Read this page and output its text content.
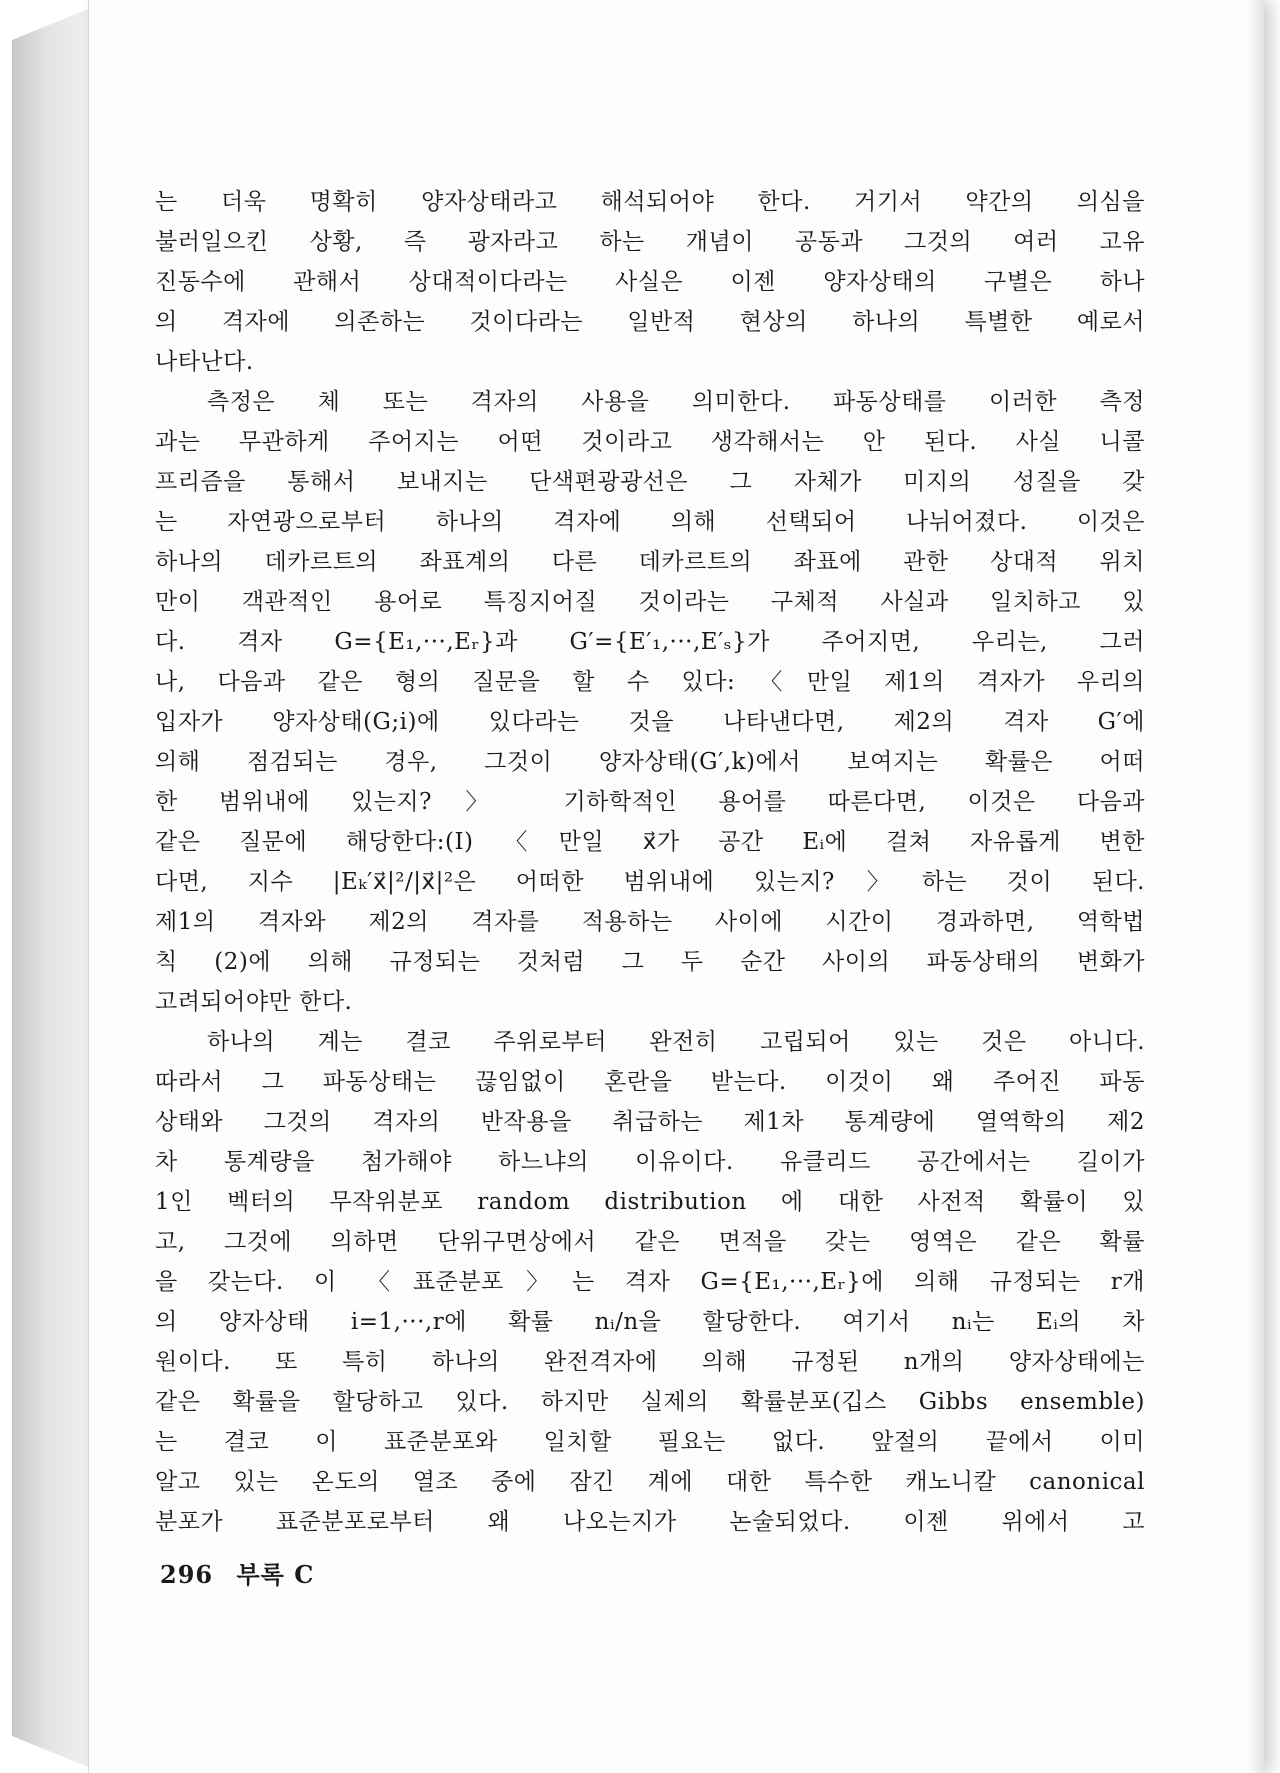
는 더욱 명확히 양자상태라고 해석되어야 한다. 거기서 약간의 의심을
불러일으킨 상황, 즉 광자라고 하는 개념이 공동과 그것의 여러 고유
진동수에 관해서 상대적이다라는 사실은 이젠 양자상태의 구별은 하나
의 격자에 의존하는 것이다라는 일반적 현상의 하나의 특별한 예로서
나타난다.
측정은 체 또는 격자의 사용을 의미한다. 파동상태를 이러한 측정
과는 무관하게 주어지는 어떤 것이라고 생각해서는 안 된다. 사실 니콜
프리즘을 통해서 보내지는 단색편광광선은 그 자체가 미지의 성질을 갖
는 자연광으로부터 하나의 격자에 의해 선택되어 나뉘어졌다. 이것은
하나의 데카르트의 좌표계의 다른 데카르트의 좌표에 관한 상대적 위치
만이 객관적인 용어로 특징지어질 것이라는 구체적 사실과 일치하고 있
다. 격자 G={E₁,···,Eᵣ}과 G′={E′₁,···,E′ₛ}가 주어지면, 우리는, 그러
나, 다음과 같은 형의 질문을 할 수 있다:〈만일 제1의 격자가 우리의
입자가 양자상태(G;i)에 있다라는 것을 나타낸다면, 제2의 격자 G′에
의해 점검되는 경우, 그것이 양자상태(G′,k)에서 보여지는 확률은 어떠
한 범위내에 있는지?〉 기하학적인 용어를 따른다면, 이것은 다음과
같은 질문에 해당한다:(I)〈만일 x⃗가 공간 Eᵢ에 걸쳐 자유롭게 변한
다면, 지수 |Eₖ′x⃗|²/|x⃗|²은 어떠한 범위내에 있는지?〉하는 것이 된다.
제1의 격자와 제2의 격자를 적용하는 사이에 시간이 경과하면, 역학법
칙 (2)에 의해 규정되는 것처럼 그 두 순간 사이의 파동상태의 변화가
고려되어야만 한다.
하나의 계는 결코 주위로부터 완전히 고립되어 있는 것은 아니다.
따라서 그 파동상태는 끊임없이 혼란을 받는다. 이것이 왜 주어진 파동
상태와 그것의 격자의 반작용을 취급하는 제1차 통계량에 열역학의 제2
차 통계량을 첨가해야 하느냐의 이유이다. 유클리드 공간에서는 길이가
1인 벡터의 무작위분포 random distribution 에 대한 사전적 확률이 있
고, 그것에 의하면 단위구면상에서 같은 면적을 갖는 영역은 같은 확률
을 갖는다. 이 〈표준분포〉는 격자 G={E₁,···,Eᵣ}에 의해 규정되는 r개
의 양자상태 i=1,···,r에 확률 nᵢ/n을 할당한다. 여기서 nᵢ는 Eᵢ의 차
원이다. 또 특히 하나의 완전격자에 의해 규정된 n개의 양자상태에는
같은 확률을 할당하고 있다. 하지만 실제의 확률분포(깁스 Gibbs ensemble)
는 결코 이 표준분포와 일치할 필요는 없다. 앞절의 끝에서 이미
알고 있는 온도의 열조 중에 잠긴 계에 대한 특수한 캐노니칼 canonical
분포가 표준분포로부터 왜 나오는지가 논술되었다. 이젠 위에서 고
296 부록 C
